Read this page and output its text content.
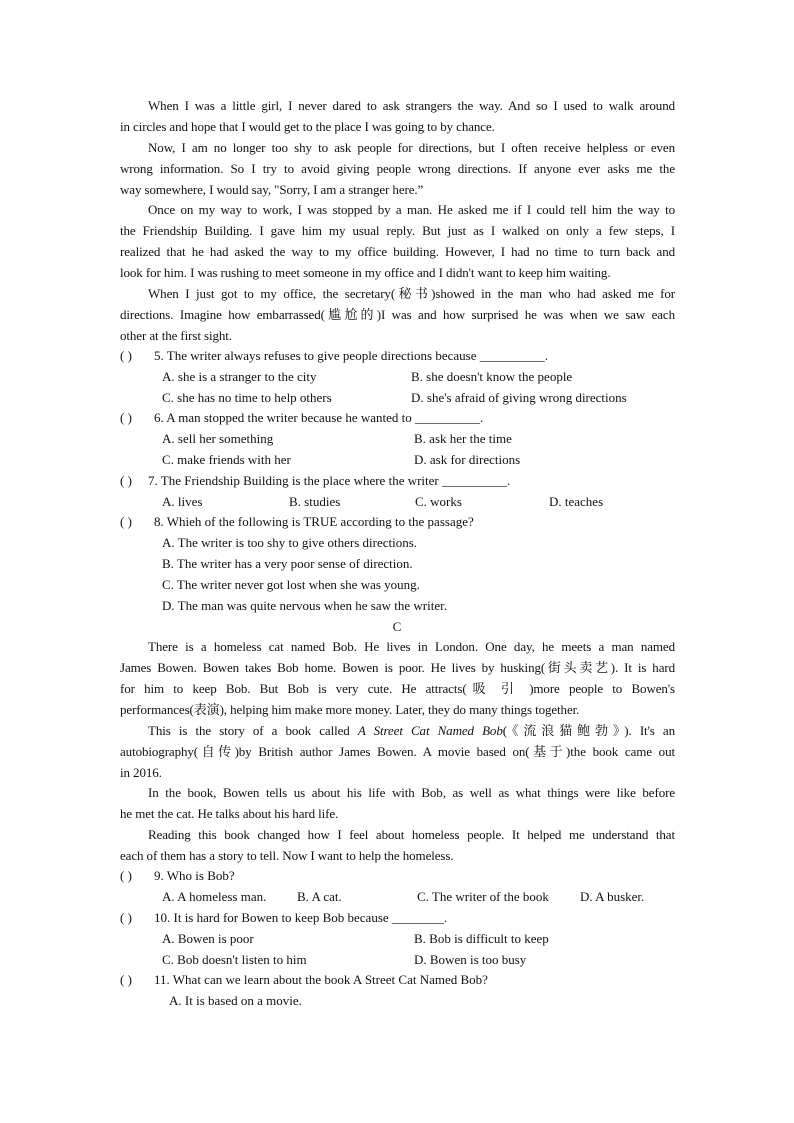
When I was a little girl, I never dared to ask strangers the way. And so I used to walk around
in circles and hope that I would get to the place I was going to by chance.
Now, I am no longer too shy to ask people for directions, but I often receive helpless or even
wrong information. So I try to avoid giving people wrong directions. If anyone ever asks me the
way somewhere, I would say, "Sorry, I am a stranger here.”
Once on my way to work, I was stopped by a man. He asked me if I could tell him the way to
the Friendship Building. I gave him my usual reply. But just as I walked on only a few steps, I
realized that he had asked the way to my office building. However, I had no time to turn back and
look for him. I was rushing to meet someone in my office and I didn't want to keep him waiting.
When I just got to my office, the secretary(秘书)showed in the man who had asked me for
directions. Imagine how embarrassed(尴尬的)I was and how surprised he was when we saw each
other at the first sight.
( ) 5. The writer always refuses to give people directions because __________.
A. she is a stranger to the city	B. she doesn't know the people
C. she has no time to help others	D. she's afraid of giving wrong directions
( ) 6. A man stopped the writer because he wanted to __________.
A. sell her something	B. ask her the time
C. make friends with her	D. ask for directions
( ) 7. The Friendship Building is the place where the writer __________.
A. lives	B. studies	C. works	D. teaches
( ) 8. Whieh of the following is TRUE according to the passage?
A. The writer is too shy to give others directions.
B. The writer has a very poor sense of direction.
C. The writer never got lost when she was young.
D. The man was quite nervous when he saw the writer.
C
There is a homeless cat named Bob. He lives in London. One day, he meets a man named
James Bowen. Bowen takes Bob home. Bowen is poor. He lives by husking(街头卖艺). It is hard
for him to keep Bob. But Bob is very cute. He attracts(吸 引 )more people to Bowen's
performances(表演), helping him make more money. Later, they do many things together.
This is the story of a book called A Street Cat Named Bob(《流浪猫鲍勃》). It's an
autobiography(自传)by British author James Bowen. A movie based on(基于)the book came out
in 2016.
In the book, Bowen tells us about his life with Bob, as well as what things were like before
he met the cat. He talks about his hard life.
Reading this book changed how I feel about homeless people. It helped me understand that
each of them has a story to tell. Now I want to help the homeless.
( ) 9. Who is Bob?
A. A homeless man. B. A cat.	C. The writer of the book D. A busker.
( ) 10. It is hard for Bowen to keep Bob because ________.
A. Bowen is poor	B. Bob is difficult to keep
C. Bob doesn't listen to him	D. Bowen is too busy
( ) 11. What can we learn about the book A Street Cat Named Bob?
A. It is based on a movie.
